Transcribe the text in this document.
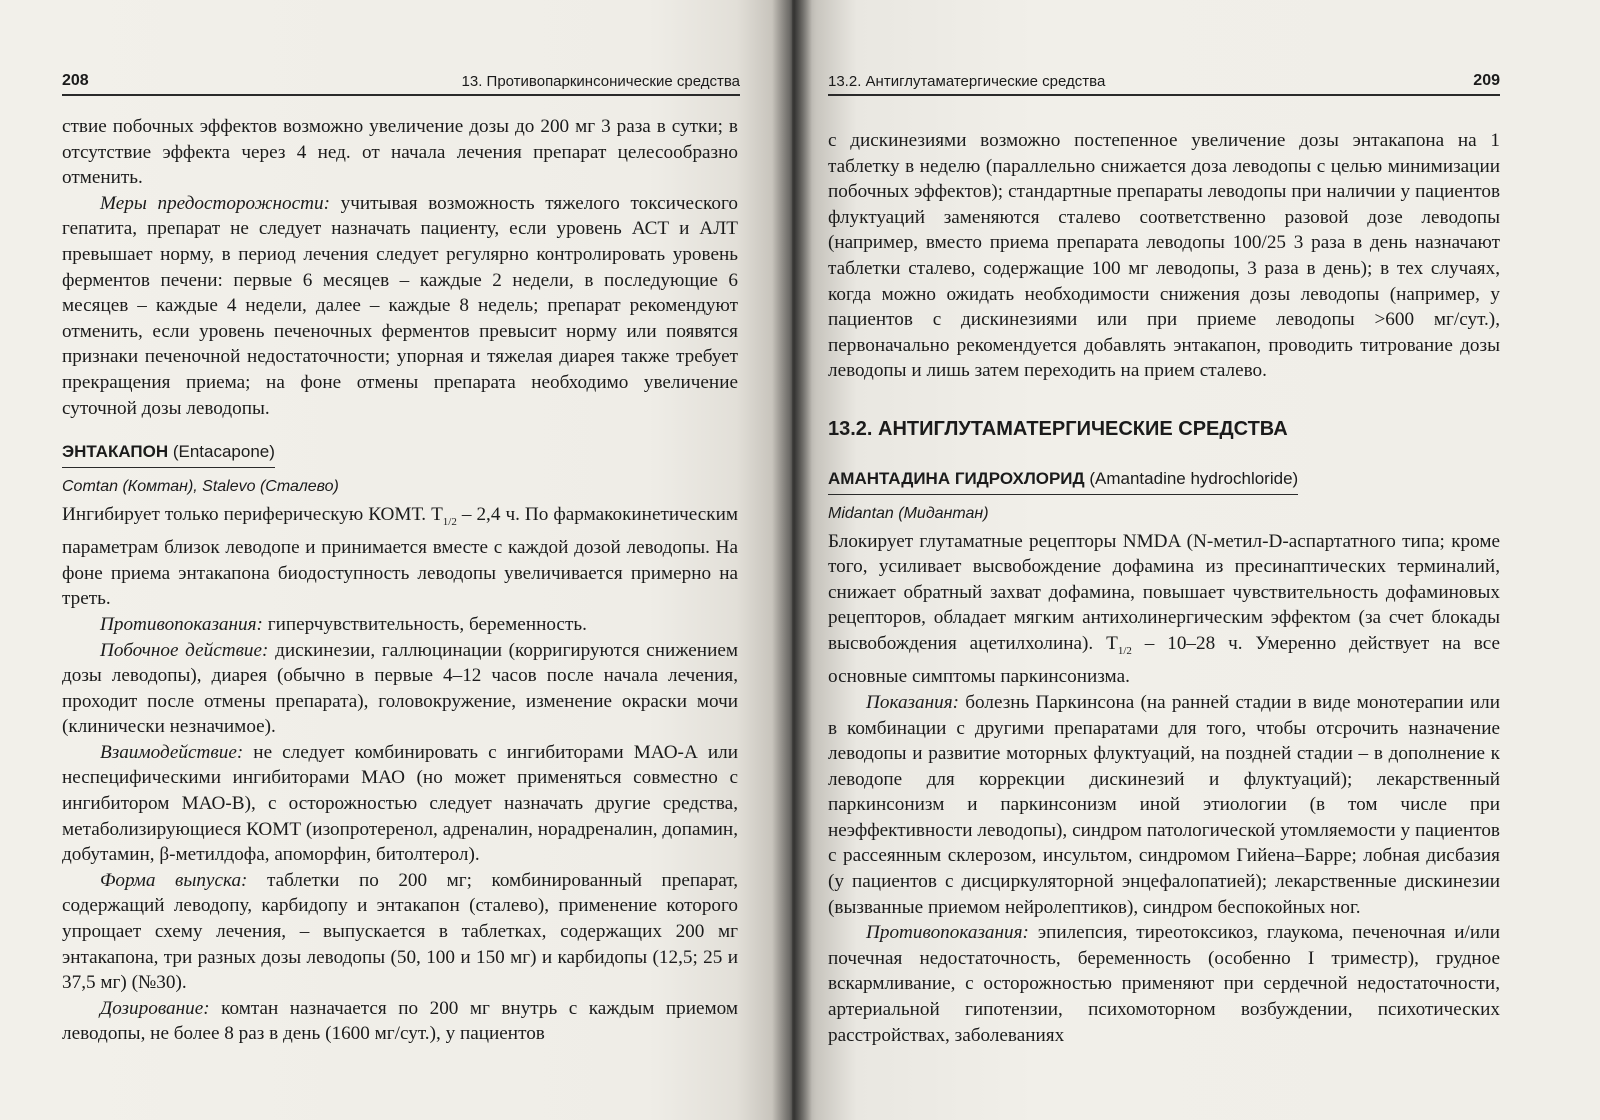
208	13. Противопаркинсонические средства

ствие побочных эффектов возможно увеличение дозы до 200 мг 3 раза в сутки; в отсутствие эффекта через 4 нед. от начала лечения препарат целесообразно отменить.

Меры предосторожности: учитывая возможность тяжелого токсического гепатита, препарат не следует назначать пациенту, если уровень АСТ и АЛТ превышает норму, в период лечения следует регулярно контролировать уровень ферментов печени: первые 6 месяцев – каждые 2 недели, в последующие 6 месяцев – каждые 4 недели, далее – каждые 8 недель; препарат рекомендуют отменить, если уровень печеночных ферментов превысит норму или появятся признаки печеночной недостаточности; упорная и тяжелая диарея также требует прекращения приема; на фоне отмены препарата необходимо увеличение суточной дозы леводопы.

ЭНТАКАПОН (Entacapone)
Comtan (Комтан), Stalevo (Сталево)

Ингибирует только периферическую КОМТ. $T_{1/2} - 2,4$ ч. По фармакокинетическим параметрам близок леводопе и принимается вместе с каждой дозой леводопы. На фоне приема энтакапона биодоступность леводопы увеличивается примерно на треть.

Противопоказания: гиперчувствительность, беременность.

Побочное действие: дискинезии, галлюцинации (корригируются снижением дозы леводопы), диарея (обычно в первые 4–12 часов после начала лечения, проходит после отмены препарата), головокружение, изменение окраски мочи (клинически незначимое).

Взаимодействие: не следует комбинировать с ингибиторами МАО-А или неспецифическими ингибиторами МАО (но может применяться совместно с ингибитором МАО-B), с осторожностью следует назначать другие средства, метаболизирующиеся КОМТ (изопротеренол, адреналин, норадреналин, допамин, добутамин, β-метилдофа, апоморфин, битолтерол).

Форма выпуска: таблетки по 200 мг; комбинированный препарат, содержащий леводопу, карбидопу и энтакапон (сталево), применение которого упрощает схему лечения, – выпускается в таблетках, содержащих 200 мг энтакапона, три разных дозы леводопы (50, 100 и 150 мг) и карбидопы (12,5; 25 и 37,5 мг) (№30).

Дозирование: комтан назначается по 200 мг внутрь с каждым приемом леводопы, не более 8 раз в день (1600 мг/сут.), у пациентов

13.2. Антиглутаматергические средства	209

с дискинезиями возможно постепенное увеличение дозы энтакапона на 1 таблетку в неделю (параллельно снижается доза леводопы с целью минимизации побочных эффектов); стандартные препараты леводопы при наличии у пациентов флуктуаций заменяются сталево соответственно разовой дозе леводопы (например, вместо приема препарата леводопы 100/25 3 раза в день назначают таблетки сталево, содержащие 100 мг леводопы, 3 раза в день); в тех случаях, когда можно ожидать необходимости снижения дозы леводопы (например, у пациентов с дискинезиями или при приеме леводопы >600 мг/сут.), первоначально рекомендуется добавлять энтакапон, проводить титрование дозы леводопы и лишь затем переходить на прием сталево.

13.2. АНТИГЛУТАМАТЕРГИЧЕСКИЕ СРЕДСТВА
АМАНТАДИНА ГИДРОХЛОРИД (Amantadine hydrochloride)
Midantan (Мидантан)

Блокирует глутаматные рецепторы NMDA (N-метил-D-аспартатного типа; кроме того, усиливает высвобождение дофамина из пресинаптических терминалий, снижает обратный захват дофамина, повышает чувствительность дофаминовых рецепторов, обладает мягким антихолинергическим эффектом (за счет блокады высвобождения ацетилхолина). $T_{1/2} - 10-28$ ч. Умеренно действует на все основные симптомы паркинсонизма.

Показания: болезнь Паркинсона (на ранней стадии в виде монотерапии или в комбинации с другими препаратами для того, чтобы отсрочить назначение леводопы и развитие моторных флуктуаций, на поздней стадии – в дополнение к леводопе для коррекции дискинезий и флуктуаций); лекарственный паркинсонизм и паркинсонизм иной этиологии (в том числе при неэффективности леводопы), синдром патологической утомляемости у пациентов с рассеянным склерозом, инсультом, синдромом Гийена–Барре; лобная дисбазия (у пациентов с дисциркуляторной энцефалопатией); лекарственные дискинезии (вызванные приемом нейролептиков), синдром беспокойных ног.

Противопоказания: эпилепсия, тиреотоксикоз, глаукома, печеночная и/или почечная недостаточность, беременность (особенно I триместр), грудное вскармливание, с осторожностью применяют при сердечной недостаточности, артериальной гипотензии, психомоторном возбуждении, психотических расстройствах, заболеваниях
